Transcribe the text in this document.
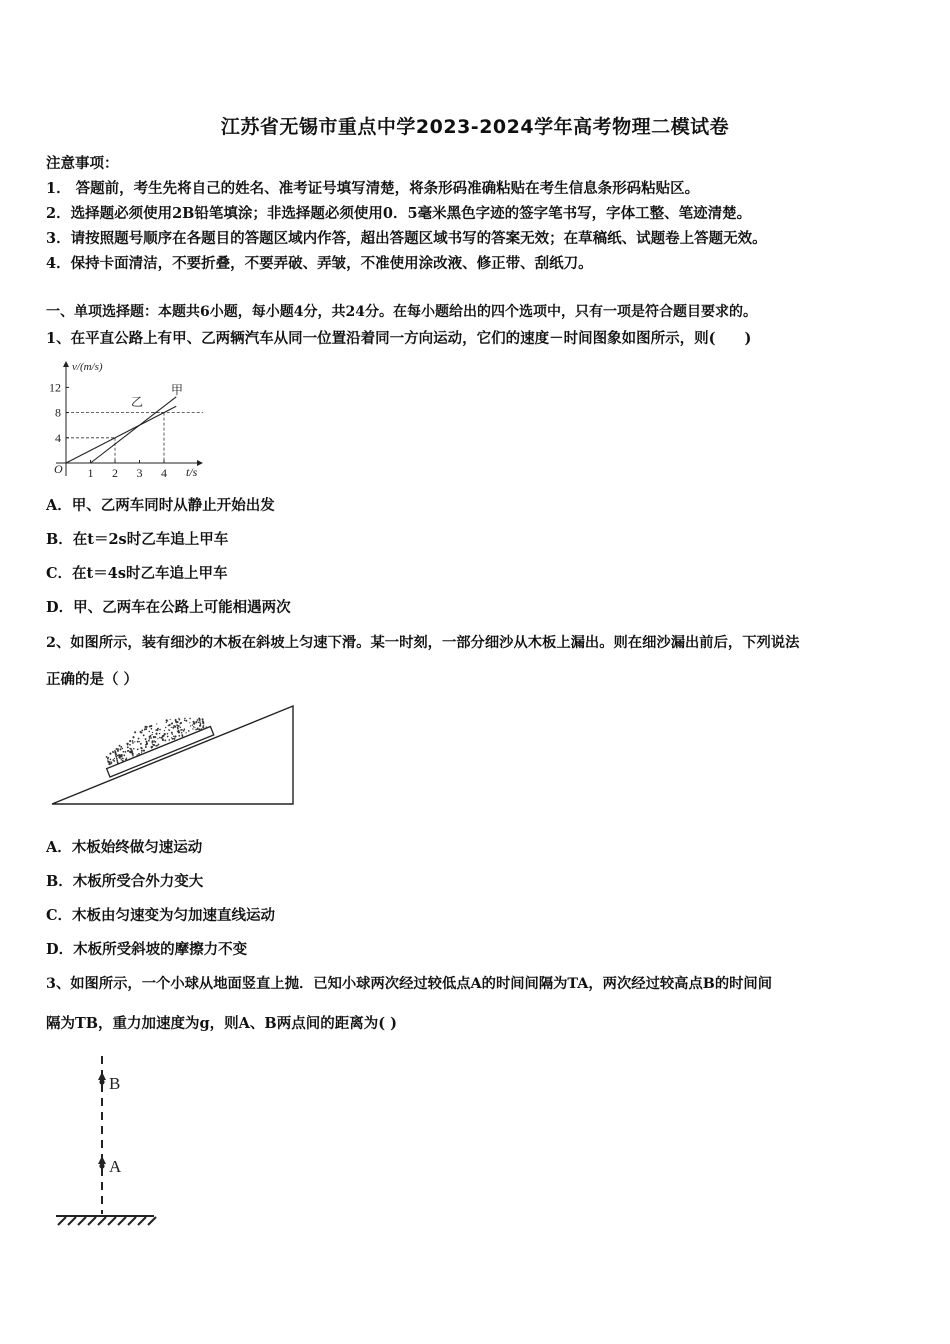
江苏省无锡市重点中学2023-2024学年高考物理二模试卷
注意事项：
1． 答题前，考生先将自己的姓名、准考证号填写清楚，将条形码准确粘贴在考生信息条形码粘贴区。
2．选择题必须使用2B铅笔填涂；非选择题必须使用0．5毫米黑色字迹的签字笔书写，字体工整、笔迹清楚。
3．请按照题号顺序在各题目的答题区域内作答，超出答题区域书写的答案无效；在草稿纸、试题卷上答题无效。
4．保持卡面清洁，不要折叠，不要弄破、弄皱，不准使用涂改液、修正带、刮纸刀。
一、单项选择题：本题共6小题，每小题4分，共24分。在每小题给出的四个选项中，只有一项是符合题目要求的。
1、在平直公路上有甲、乙两辆汽车从同一位置沿着同一方向运动，它们的速度－时间图象如图所示，则(　　)
12
8
4
1 2 3 4
v/(m/s)
t/s
O
乙
甲
A．甲、乙两车同时从静止开始出发
B．在t＝2s时乙车追上甲车
C．在t＝4s时乙车追上甲车
D．甲、乙两车在公路上可能相遇两次
2、如图所示，装有细沙的木板在斜坡上匀速下滑。某一时刻，一部分细沙从木板上漏出。则在细沙漏出前后，下列说法
正确的是（ ）
A．木板始终做匀速运动
B．木板所受合外力变大
C．木板由匀速变为匀加速直线运动
D．木板所受斜坡的摩擦力不变
3、如图所示，一个小球从地面竖直上抛．已知小球两次经过较低点A的时间间隔为TA，两次经过较高点B的时间间
隔为TB，重力加速度为g，则A、B两点间的距离为( )
B
A
